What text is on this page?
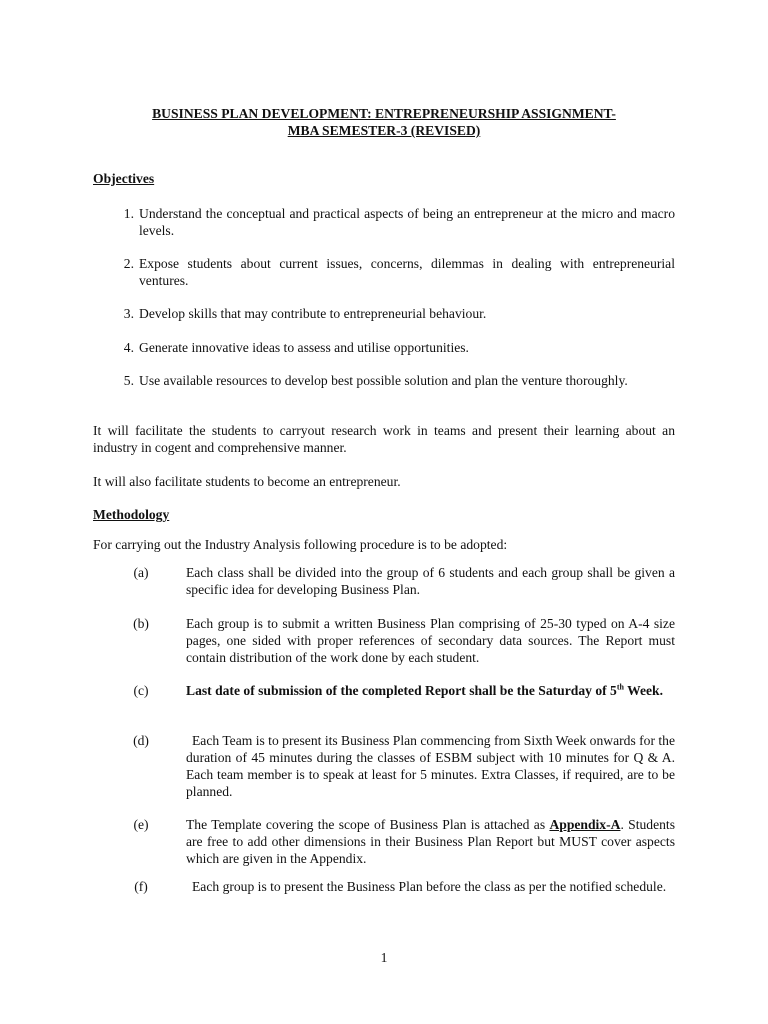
BUSINESS PLAN DEVELOPMENT: ENTREPRENEURSHIP ASSIGNMENT-
MBA SEMESTER-3 (REVISED)
Objectives
1. Understand the conceptual and practical aspects of being an entrepreneur at the micro and macro levels.
2. Expose students about current issues, concerns, dilemmas in dealing with entrepreneurial ventures.
3. Develop skills that may contribute to entrepreneurial behaviour.
4. Generate innovative ideas to assess and utilise opportunities.
5. Use available resources to develop best possible solution and plan the venture thoroughly.
It will facilitate the students to carryout research work in teams and present their learning about an industry in cogent and comprehensive manner.
It will also facilitate students to become an entrepreneur.
Methodology
For carrying out the Industry Analysis following procedure is to be adopted:
(a)	Each class shall be divided into the group of 6 students and each group shall be given a specific idea for developing Business Plan.
(b)	Each group is to submit a written Business Plan comprising of 25-30 typed on A-4 size pages, one sided with proper references of secondary data sources. The Report must contain distribution of the work done by each student.
(c)	Last date of submission of the completed Report shall be the Saturday of 5th Week.
(d)	Each Team is to present its Business Plan commencing from Sixth Week onwards for the duration of 45 minutes during the classes of ESBM subject with 10 minutes for Q & A. Each team member is to speak at least for 5 minutes. Extra Classes, if required, are to be planned.
(e)	The Template covering the scope of Business Plan is attached as Appendix-A. Students are free to add other dimensions in their Business Plan Report but MUST cover aspects which are given in the Appendix.
(f)	Each group is to present the Business Plan before the class as per the notified schedule.
1
